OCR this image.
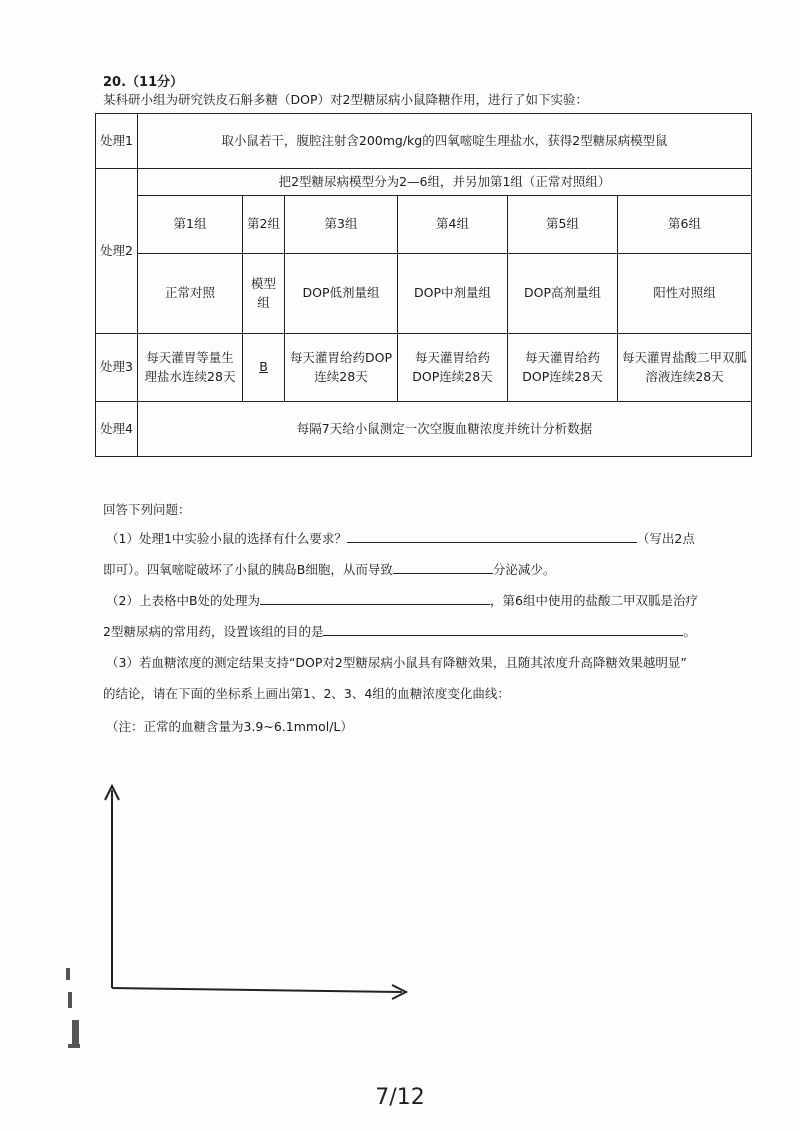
20.（11分）
某科研小组为研究铁皮石斛多糖（DOP）对2型糖尿病小鼠降糖作用，进行了如下实验：
处理1	取小鼠若干，腹腔注射含200mg/kg的四氧嘧啶生理盐水，获得2型糖尿病模型鼠					
处理2	把2型糖尿病模型分为2—6组，并另加第1组（正常对照组）					
	第1组	第2组	第3组	第4组	第5组	第6组
	正常对照	模型组	DOP低剂量组	DOP中剂量组	DOP高剂量组	阳性对照组
处理3	每天灌胃等量生理盐水连续28天	B	每天灌胃给药DOP连续28天	每天灌胃给药DOP连续28天	每天灌胃给药DOP连续28天	每天灌胃盐酸二甲双胍溶液连续28天
处理4	每隔7天给小鼠测定一次空腹血糖浓度并统计分析数据					
回答下列问题：
（1）处理1中实验小鼠的选择有什么要求？	（写出2点
即可）。四氧嘧啶破坏了小鼠的胰岛B细胞，从而导致	分泌减少。
（2）上表格中B处的处理为	，第6组中使用的盐酸二甲双胍是治疗
2型糖尿病的常用药，设置该组的目的是	。
（3）若血糖浓度的测定结果支持“DOP对2型糖尿病小鼠具有降糖效果，且随其浓度升高降糖效果越明显”
的结论，请在下面的坐标系上画出第1、2、3、4组的血糖浓度变化曲线：
（注：正常的血糖含量为3.9~6.1mmol/L）
7/12
